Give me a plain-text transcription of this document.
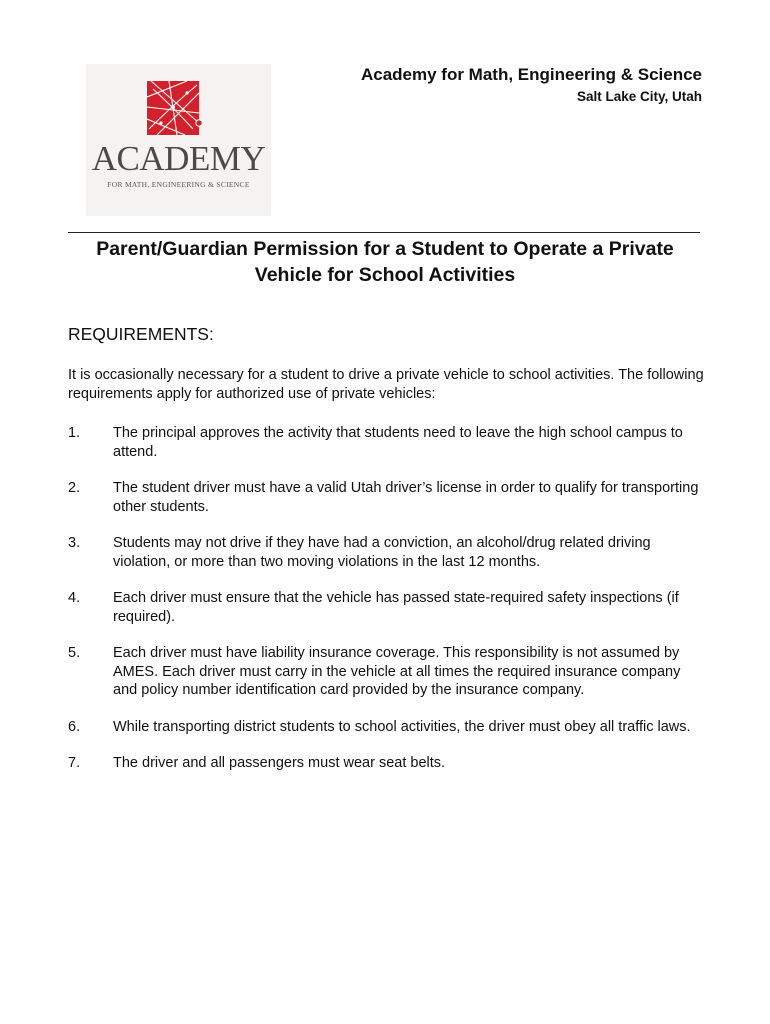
ACADEMY
FOR MATH, ENGINEERING & SCIENCE
Academy for Math, Engineering & Science
Salt Lake City, Utah
Parent/Guardian Permission for a Student to Operate a Private Vehicle for School Activities
REQUIREMENTS:
It is occasionally necessary for a student to drive a private vehicle to school activities. The following requirements apply for authorized use of private vehicles:
1. The principal approves the activity that students need to leave the high school campus to attend.
2. The student driver must have a valid Utah driver’s license in order to qualify for transporting other students.
3. Students may not drive if they have had a conviction, an alcohol/drug related driving violation, or more than two moving violations in the last 12 months.
4. Each driver must ensure that the vehicle has passed state-required safety inspections (if required).
5. Each driver must have liability insurance coverage. This responsibility is not assumed by AMES. Each driver must carry in the vehicle at all times the required insurance company and policy number identification card provided by the insurance company.
6. While transporting district students to school activities, the driver must obey all traffic laws.
7. The driver and all passengers must wear seat belts.
